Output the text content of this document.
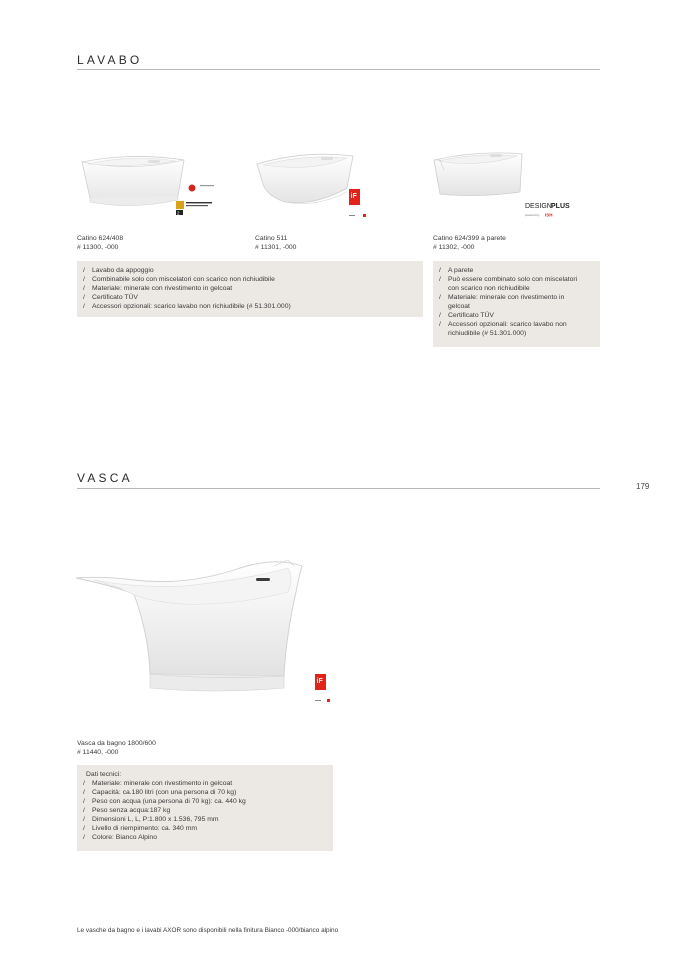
LAVABO
2
Catino 624/408
# 11300, -000
iF
Catino 511
# 11301, -000
DESIGN PLUS
powered by ISH
Catino 624/399 a parete
# 11302, -000
/ Lavabo da appoggio
/ Combinabile solo con miscelatori con scarico non richiudibile
/ Materiale: minerale con rivestimento in gelcoat
/ Certificato TÜV
/ Accessori opzionali: scarico lavabo non richiudibile (# 51.301.000)
/ A parete
/ Può essere combinato solo con miscelatori
con scarico non richiudibile
/ Materiale: minerale con rivestimento in
gelcoat
/ Certificato TÜV
/ Accessori opzionali: scarico lavabo non
richiudibile (# 51.301.000)
VASCA
179
iF
Vasca da bagno 1800/600
# 11440, -000
Dati tecnici:
/ Materiale: minerale con rivestimento in gelcoat
/ Capacità: ca.180 litri (con una persona di 70 kg)
/ Peso con acqua (una persona di 70 kg): ca. 440 kg
/ Peso senza acqua:187 kg
/ Dimensioni L, L, P:1.800 x 1.536, 795 mm
/ Livello di riempimento: ca. 340 mm
/ Colore: Bianco Alpino
Le vasche da bagno e i lavabi AXOR sono disponibili nella finitura Bianco -000/bianco alpino
